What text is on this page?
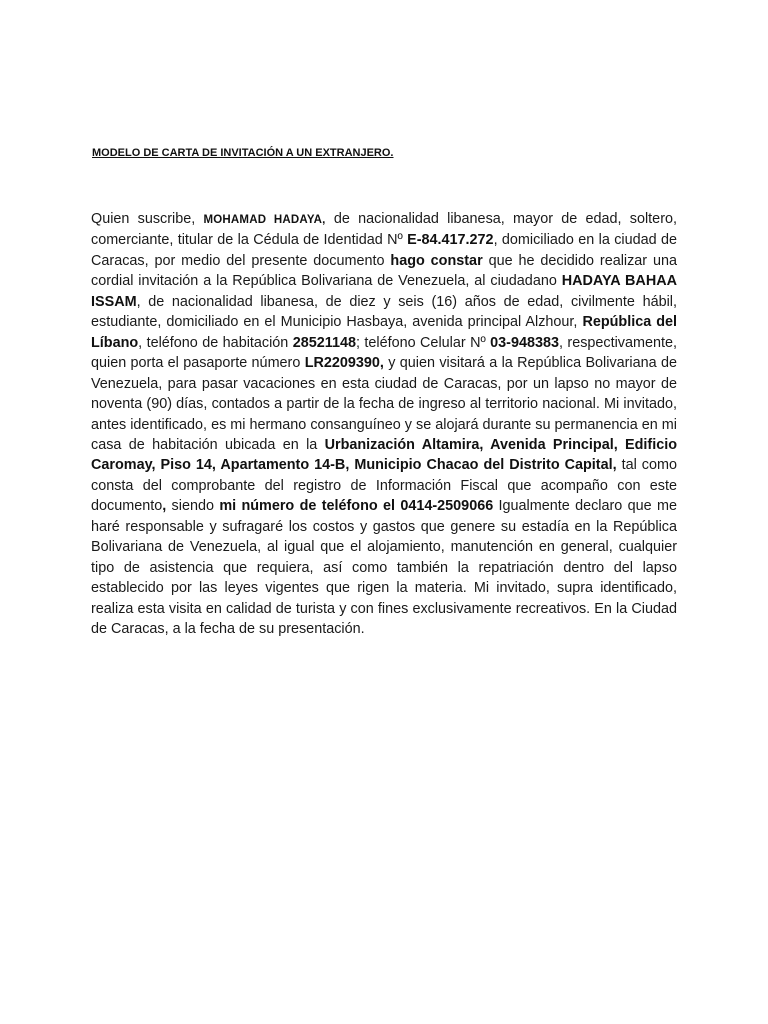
MODELO DE CARTA DE INVITACIÓN A UN EXTRANJERO.

Quien suscribe, MOHAMAD HADAYA, de nacionalidad libanesa, mayor de edad, soltero, comerciante, titular de la Cédula de Identidad Nº E-84.417.272, domiciliado en la ciudad de Caracas, por medio del presente documento hago constar que he decidido realizar una cordial invitación a la República Bolivariana de Venezuela, al ciudadano HADAYA BAHAA ISSAM, de nacionalidad libanesa, de diez y seis (16) años de edad, civilmente hábil, estudiante, domiciliado en el Municipio Hasbaya, avenida principal Alzhour, República del Líbano, teléfono de habitación 28521148; teléfono Celular Nº 03-948383, respectivamente, quien porta el pasaporte número LR2209390, y quien visitará a la República Bolivariana de Venezuela, para pasar vacaciones en esta ciudad de Caracas, por un lapso no mayor de noventa (90) días, contados a partir de la fecha de ingreso al territorio nacional. Mi invitado, antes identificado, es mi hermano consanguíneo y se alojará durante su permanencia en mi casa de habitación ubicada en la Urbanización Altamira, Avenida Principal, Edificio Caromay, Piso 14, Apartamento 14-B, Municipio Chacao del Distrito Capital, tal como consta del comprobante del registro de Información Fiscal que acompaño con este documento, siendo mi número de teléfono el 0414-2509066 Igualmente declaro que me haré responsable y sufragaré los costos y gastos que genere su estadía en la República Bolivariana de Venezuela, al igual que el alojamiento, manutención en general, cualquier tipo de asistencia que requiera, así como también la repatriación dentro del lapso establecido por las leyes vigentes que rigen la materia. Mi invitado, supra identificado, realiza esta visita en calidad de turista y con fines exclusivamente recreativos. En la Ciudad de Caracas, a la fecha de su presentación.
